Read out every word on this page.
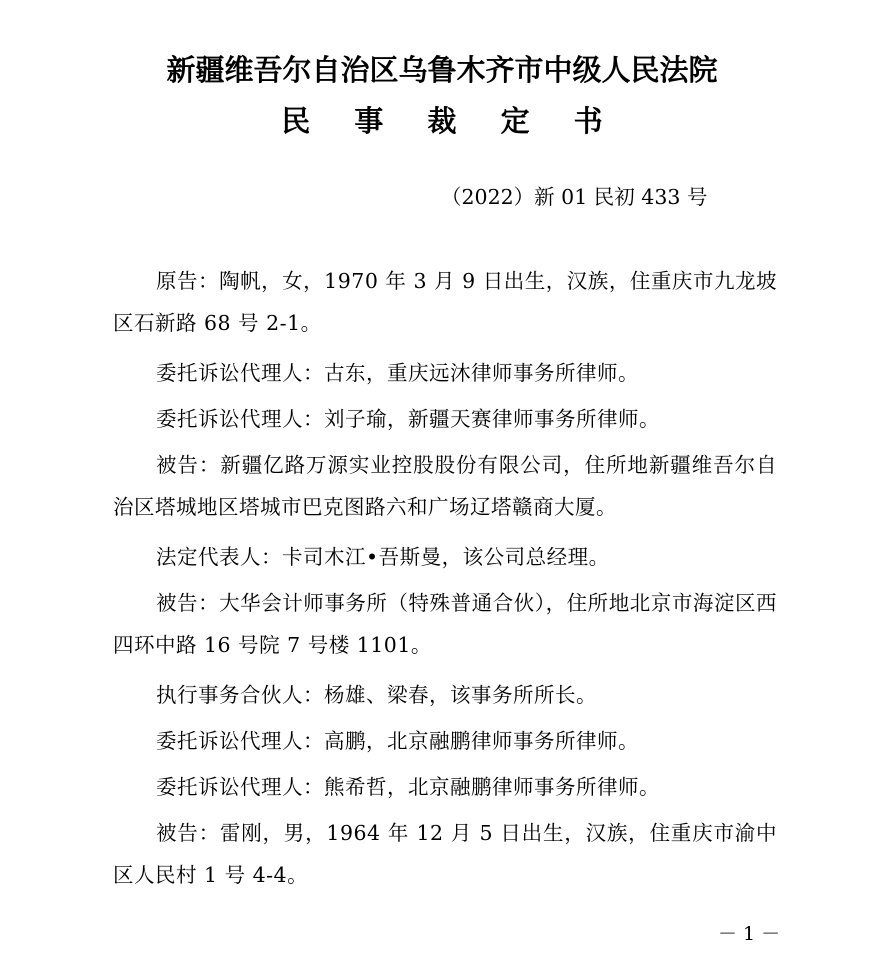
新疆维吾尔自治区乌鲁木齐市中级人民法院
民 事 裁 定 书
（2022）新 01 民初 433 号

原告：陶帆，女，1970 年 3 月 9 日出生，汉族，住重庆市九龙坡区石新路 68 号 2-1。

委托诉讼代理人：古东，重庆远沐律师事务所律师。

委托诉讼代理人：刘子瑜，新疆天赛律师事务所律师。

被告：新疆亿路万源实业控股股份有限公司，住所地新疆维吾尔自治区塔城地区塔城市巴克图路六和广场辽塔赣商大厦。

法定代表人：卡司木江•吾斯曼，该公司总经理。

被告：大华会计师事务所（特殊普通合伙），住所地北京市海淀区西四环中路 16 号院 7 号楼 1101。

执行事务合伙人：杨雄、梁春，该事务所所长。

委托诉讼代理人：高鹏，北京融鹏律师事务所律师。

委托诉讼代理人：熊希哲，北京融鹏律师事务所律师。

被告：雷刚，男，1964 年 12 月 5 日出生，汉族，住重庆市渝中区人民村 1 号 4-4。

－ 1 －
